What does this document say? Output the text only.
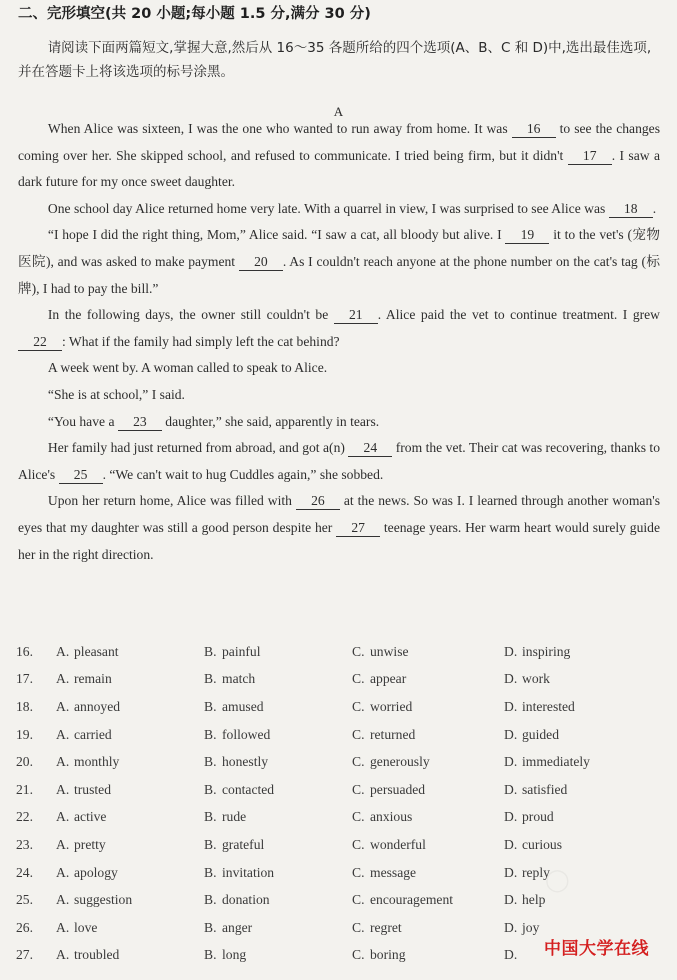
二、完形填空(共 20 小题;每小题 1.5 分,满分 30 分)
请阅读下面两篇短文,掌握大意,然后从 16～35 各题所给的四个选项(A、B、C 和 D)中,选出最佳选项,并在答题卡上将该选项的标号涂黑。
A

When Alice was sixteen, I was the one who wanted to run away from home. It was 16 to see the changes coming over her. She skipped school, and refused to communicate. I tried being firm, but it didn't 17 . I saw a dark future for my once sweet daughter.

One school day Alice returned home very late. With a quarrel in view, I was surprised to see Alice was 18 .

“I hope I did the right thing, Mom,” Alice said. “I saw a cat, all bloody but alive. I 19 it to the vet's (宠物医院), and was asked to make payment 20 . As I couldn't reach anyone at the phone number on the cat's tag (标牌), I had to pay the bill.”

In the following days, the owner still couldn't be 21 . Alice paid the vet to continue treatment. I grew 22 : What if the family had simply left the cat behind?

A week went by. A woman called to speak to Alice.

“She is at school,” I said.

“You have a 23 daughter,” she said, apparently in tears.

Her family had just returned from abroad, and got a(n) 24 from the vet. Their cat was recovering, thanks to Alice's 25 . “We can't wait to hug Cuddles again,” she sobbed.

Upon her return home, Alice was filled with 26 at the news. So was I. I learned through another woman's eyes that my daughter was still a good person despite her 27 teenage years. Her warm heart would surely guide her in the right direction.

16.	A. pleasant	B. painful	C. unwise	D. inspiring
17.	A. remain	B. match	C. appear	D. work
18.	A. annoyed	B. amused	C. worried	D. interested
19.	A. carried	B. followed	C. returned	D. guided
20.	A. monthly	B. honestly	C. generously	D. immediately
21.	A. trusted	B. contacted	C. persuaded	D. satisfied
22.	A. active	B. rude	C. anxious	D. proud
23.	A. pretty	B. grateful	C. wonderful	D. curious
24.	A. apology	B. invitation	C. message	D. reply
25.	A. suggestion	B. donation	C. encouragement	D. help
26.	A. love	B. anger	C. regret	D. joy
27.	A. troubled	B. long	C. boring	D.
◯
中国大学在线
